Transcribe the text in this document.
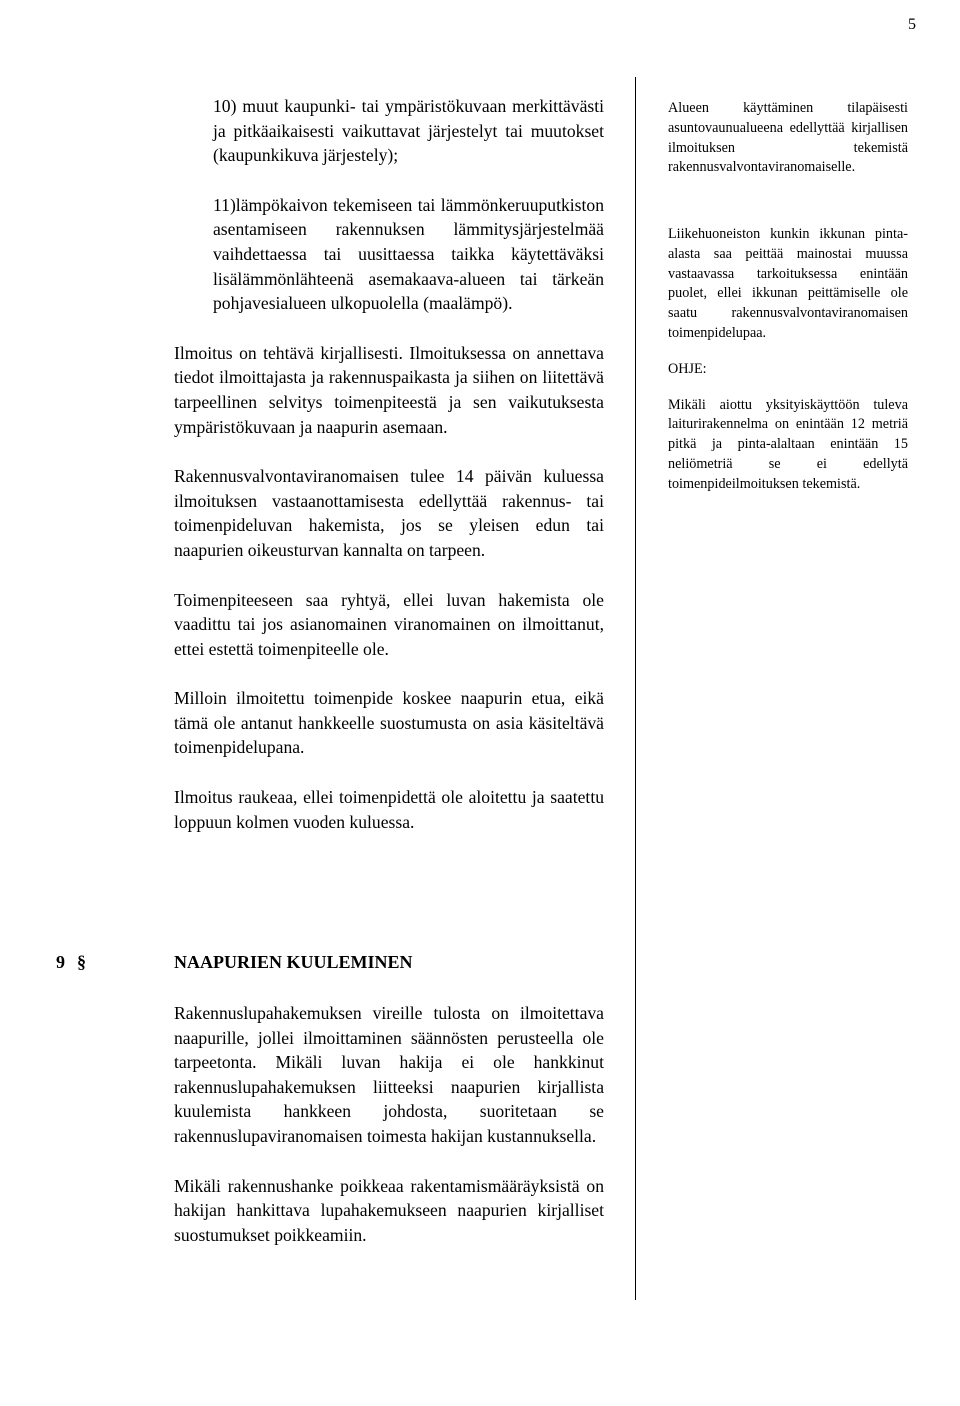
5

10) muut kaupunki- tai ympäristökuvaan merkittävästi ja pitkäaikaisesti vaikuttavat järjestelyt tai muutokset (kaupunkikuva järjestely);

11)lämpökaivon tekemiseen tai lämmönkeruuputkiston asentamiseen rakennuksen lämmitysjärjestelmää vaihdettaessa tai uusittaessa taikka käytettäväksi lisälämmönlähteenä asemakaava-alueen tai tärkeän pohjavesialueen ulkopuolella (maalämpö).

Ilmoitus on tehtävä kirjallisesti. Ilmoituksessa on annettava tiedot ilmoittajasta ja rakennuspaikasta ja siihen on liitettävä tarpeellinen selvitys toimenpiteestä ja sen vaikutuksesta ympäristökuvaan ja naapurin asemaan.

Rakennusvalvontaviranomaisen tulee 14 päivän kuluessa ilmoituksen vastaanottamisesta edellyttää rakennus- tai toimenpideluvan hakemista, jos se yleisen edun tai naapurien oikeusturvan kannalta on tarpeen.

Toimenpiteeseen saa ryhtyä, ellei luvan hakemista ole vaadittu tai jos asianomainen viranomainen on ilmoittanut, ettei estettä toimenpiteelle ole.

Milloin ilmoitettu toimenpide koskee naapurin etua, eikä tämä ole antanut hankkeelle suostumusta on asia käsiteltävä toimenpidelupana.

Ilmoitus raukeaa, ellei toimenpidettä ole aloitettu ja saatettu loppuun kolmen vuoden kuluessa.

Alueen käyttäminen tilapäisesti asuntovaunualueena edellyttää kirjallisen ilmoituksen tekemistä rakennusvalvontaviranomaiselle.

Liikehuoneiston kunkin ikkunan pinta-alasta saa peittää mainostai muussa vastaavassa tarkoituksessa enintään puolet, ellei ikkunan peittämiselle ole saatu rakennusvalvontaviranomaisen toimenpidelupaa.

OHJE:

Mikäli aiottu yksityiskäyttöön tuleva laiturirakennelma on enintään 12 metriä pitkä ja pinta-alaltaan enintään 15 neliömetriä se ei edellytä toimenpideilmoituksen tekemistä.

9 §	NAAPURIEN KUULEMINEN

Rakennuslupahakemuksen vireille tulosta on ilmoitettava naapurille, jollei ilmoittaminen säännösten perusteella ole tarpeetonta. Mikäli luvan hakija ei ole hankkinut rakennuslupahakemuksen liitteeksi naapurien kirjallista kuulemista hankkeen johdosta, suoritetaan se rakennuslupaviranomaisen toimesta hakijan kustannuksella.

Mikäli rakennushanke poikkeaa rakentamismääräyksistä on hakijan hankittava lupahakemukseen naapurien kirjalliset suostumukset poikkeamiin.
